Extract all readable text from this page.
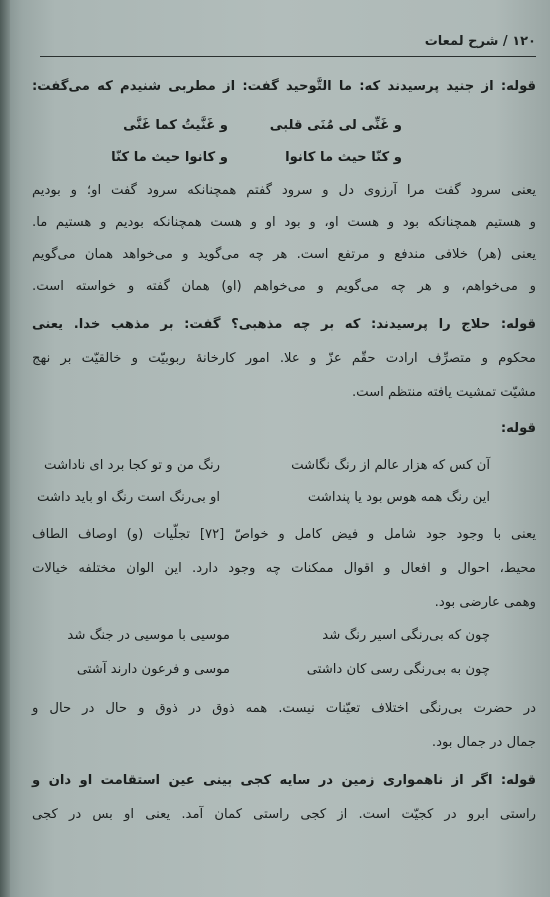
۱۲۰ / شرح لمعات
قوله: از جنید پرسیدند که: ما التَّوحید گفت: از مطربی شنیدم که می‌گفت:
و غَنِّی لی مُنَی قلبی
و غَنَّیتُ کما غَنَّی
و کنّا حیث ما کانوا
و کانوا حیث ما کنّا
یعنی سرود گفت مرا آرزوی دل و سرود گفتم همچنانکه سرود گفت او؛ و بودیم
و هستیم همچنانکه بود و هست او، و بود او و هست همچنانکه بودیم و هستیم ما.
یعنی (هر) خلافی مندفع و مرتفع است. هر چه می‌گوید و می‌خواهد همان می‌گویم
و می‌خواهم، و هر چه می‌گویم و می‌خواهم (او) همان گفته و خواسته است.
قوله: حلاج را پرسیدند: که بر چه مذهبی؟ گفت: بر مذهب خدا. یعنی
محکوم و متصرِّف ارادت حقّم عزّ و علا. امور کارخانهٔ ربوبیّت و خالقیّت بر نهج
مشیّت تمشیت یافته منتظم است.
قوله:
آن کس که هزار عالم از رنگ نگاشت
رنگ من و تو کجا برد ای ناداشت
این رنگ همه هوس بود یا پنداشت
او بی‌رنگ است رنگ او باید داشت
یعنی با وجود جود شامل و فیض کامل و خواصّ [۷۲] تجلّیات (و) اوصاف الطاف
محیط، احوال و افعال و اقوال ممکنات چه وجود دارد. این الوان مختلفه خیالات
وهمی عارضی بود.
چون که بی‌رنگی اسیر رنگ شد
موسیی با موسیی در جنگ شد
چون به بی‌رنگی رسی کان داشتی
موسی و فرعون دارند آشتی
در حضرت بی‌رنگی اختلاف تعیّنات نیست. همه ذوق در ذوق و حال در حال و
جمال در جمال بود.
قوله: اگر از ناهمواری زمین در سایه کجی بینی عین استقامت او دان و
راستی ابرو در کجیّت است. از کجی راستی کمان آمد. یعنی او بس در کجی
